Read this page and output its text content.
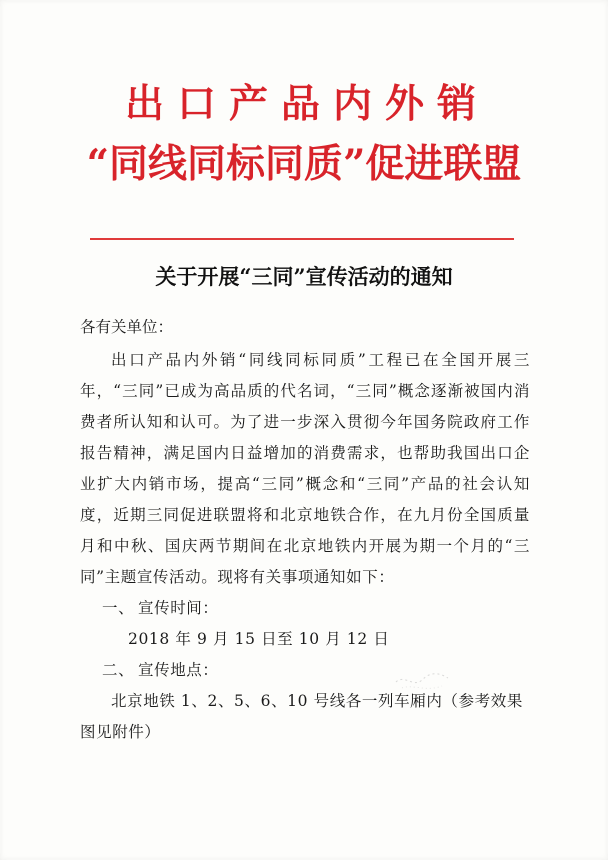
出口产品内外销
“同线同标同质”促进联盟
关于开展“三同”宣传活动的通知

各有关单位：

出口产品内外销“同线同标同质”工程已在全国开展三年，“三同”已成为高品质的代名词，“三同”概念逐渐被国内消费者所认知和认可。为了进一步深入贯彻今年国务院政府工作报告精神，满足国内日益增加的消费需求，也帮助我国出口企业扩大内销市场，提高“三同”概念和“三同”产品的社会认知度，近期三同促进联盟将和北京地铁合作，在九月份全国质量月和中秋、国庆两节期间在北京地铁内开展为期一个月的“三同”主题宣传活动。现将有关事项通知如下：

一、 宣传时间：

2018 年 9 月 15 日至 10 月 12 日

二、 宣传地点：

北京地铁 1、2、5、6、10 号线各一列车厢内（参考效果图见附件）
